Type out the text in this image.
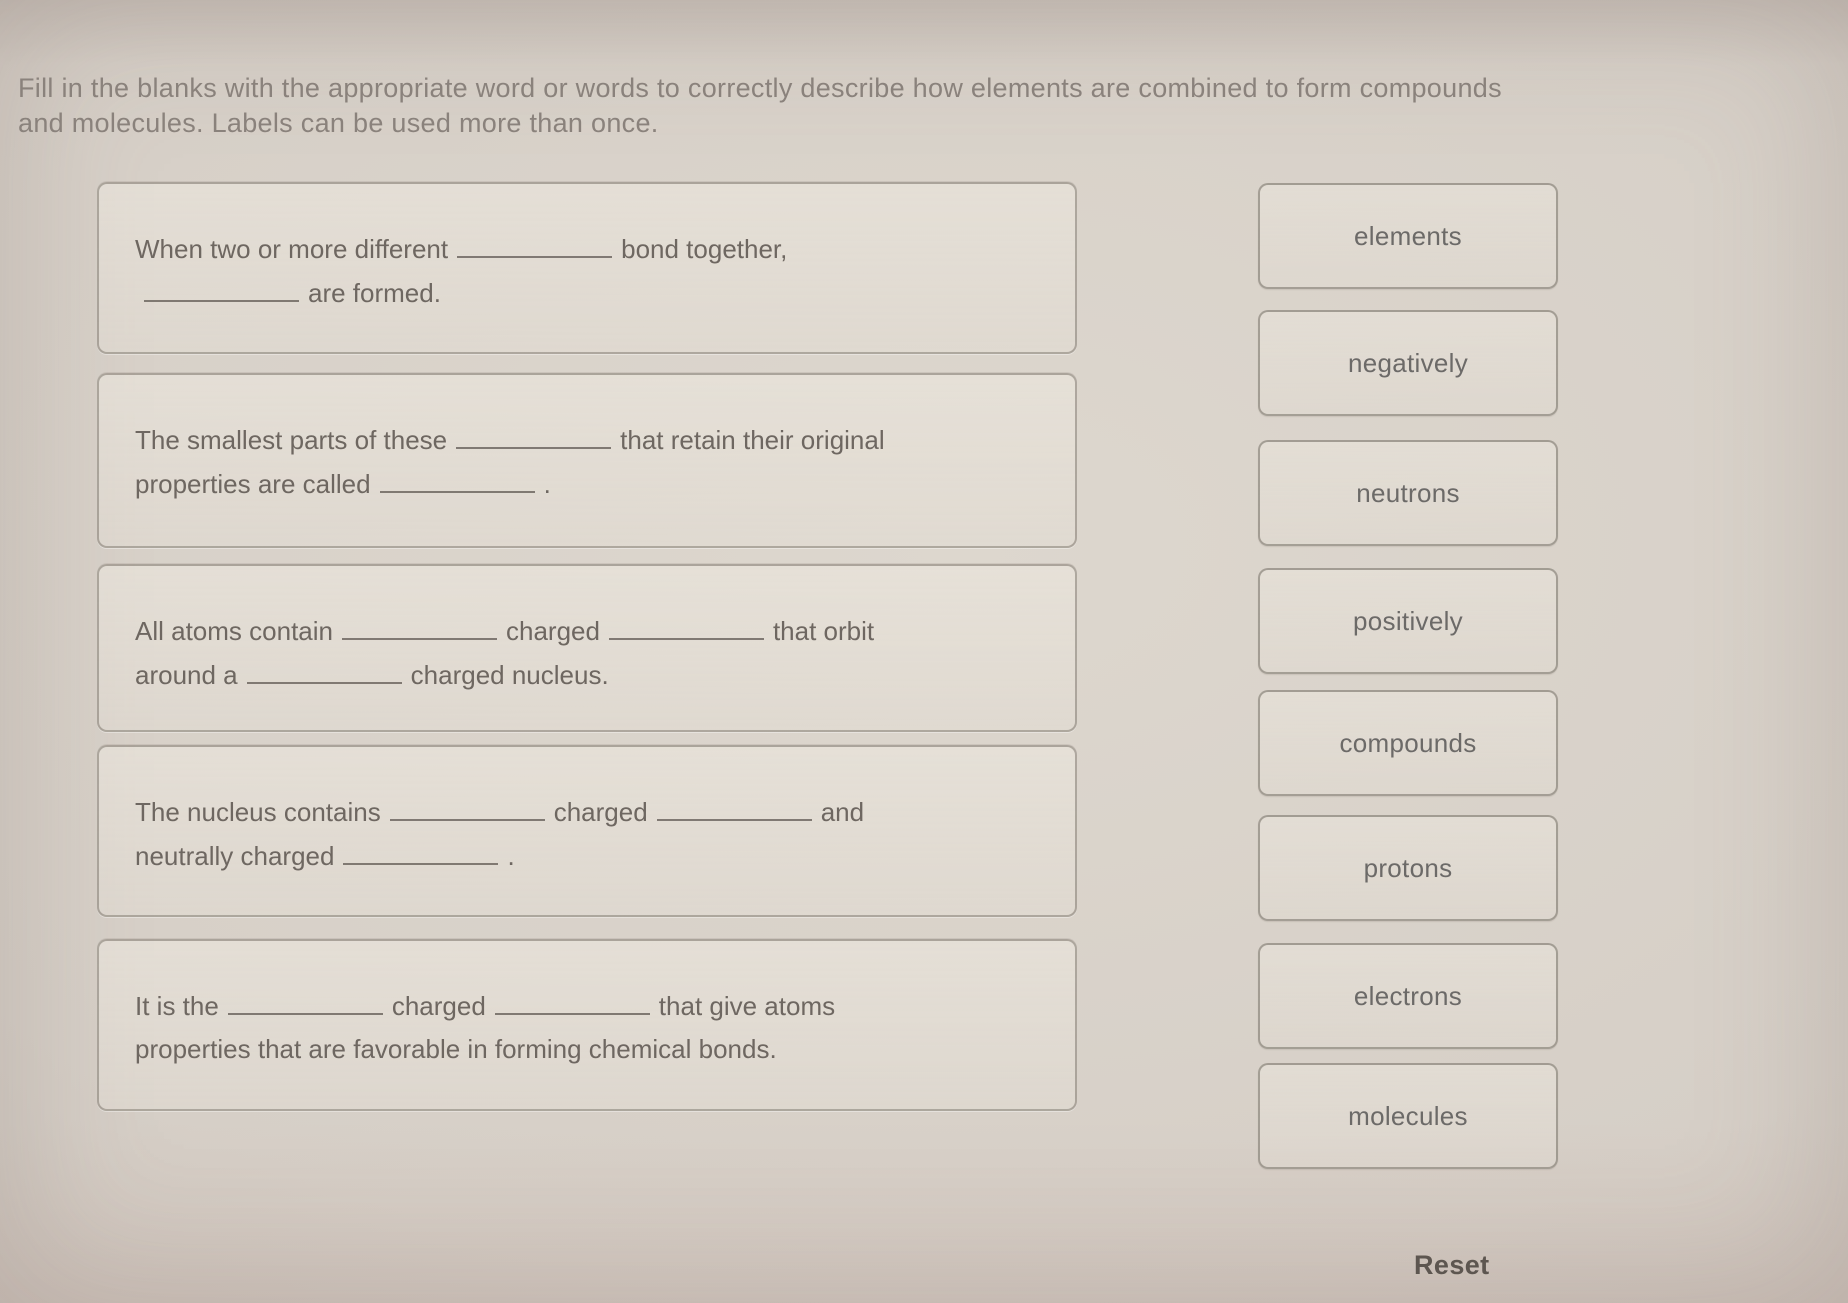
Fill in the blanks with the appropriate word or words to correctly describe how elements are combined to form compounds and molecules. Labels can be used more than once.

When two or more different	bond together,
are formed.
The smallest parts of these	that retain their original
properties are called	.
All atoms contain	charged	that orbit
around a	charged nucleus.
The nucleus contains	charged	and
neutrally charged	.
It is the	charged	that give atoms
properties that are favorable in forming chemical bonds.
elements
negatively
neutrons
positively
compounds
protons
electrons
molecules
Reset
